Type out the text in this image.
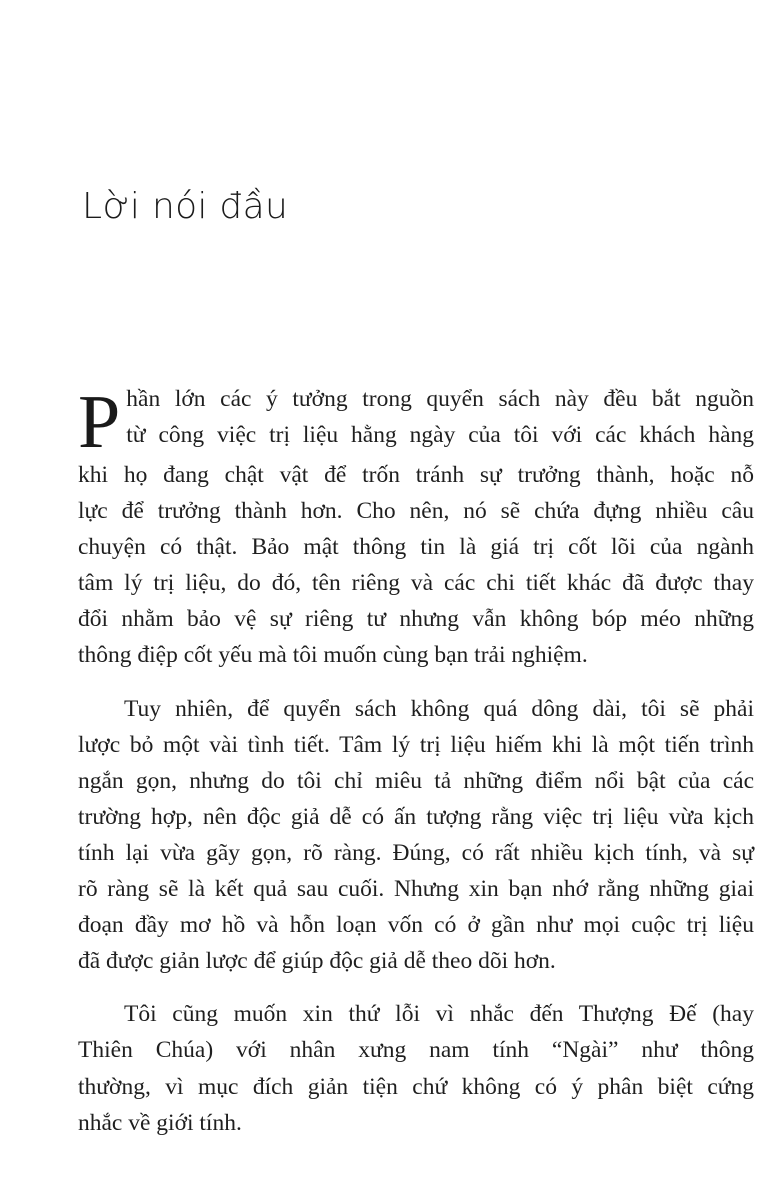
Lời nói đầu
P hần lớn các ý tưởng trong quyển sách này đều bắt nguồn
từ công việc trị liệu hằng ngày của tôi với các khách hàng
khi họ đang chật vật để trốn tránh sự trưởng thành, hoặc nỗ
lực để trưởng thành hơn. Cho nên, nó sẽ chứa đựng nhiều câu
chuyện có thật. Bảo mật thông tin là giá trị cốt lõi của ngành
tâm lý trị liệu, do đó, tên riêng và các chi tiết khác đã được thay
đổi nhằm bảo vệ sự riêng tư nhưng vẫn không bóp méo những
thông điệp cốt yếu mà tôi muốn cùng bạn trải nghiệm.
Tuy nhiên, để quyển sách không quá dông dài, tôi sẽ phải
lược bỏ một vài tình tiết. Tâm lý trị liệu hiếm khi là một tiến trình
ngắn gọn, nhưng do tôi chỉ miêu tả những điểm nổi bật của các
trường hợp, nên độc giả dễ có ấn tượng rằng việc trị liệu vừa kịch
tính lại vừa gãy gọn, rõ ràng. Đúng, có rất nhiều kịch tính, và sự
rõ ràng sẽ là kết quả sau cuối. Nhưng xin bạn nhớ rằng những giai
đoạn đầy mơ hồ và hỗn loạn vốn có ở gần như mọi cuộc trị liệu
đã được giản lược để giúp độc giả dễ theo dõi hơn.
Tôi cũng muốn xin thứ lỗi vì nhắc đến Thượng Đế (hay
Thiên Chúa) với nhân xưng nam tính “Ngài” như thông
thường, vì mục đích giản tiện chứ không có ý phân biệt cứng
nhắc về giới tính.
